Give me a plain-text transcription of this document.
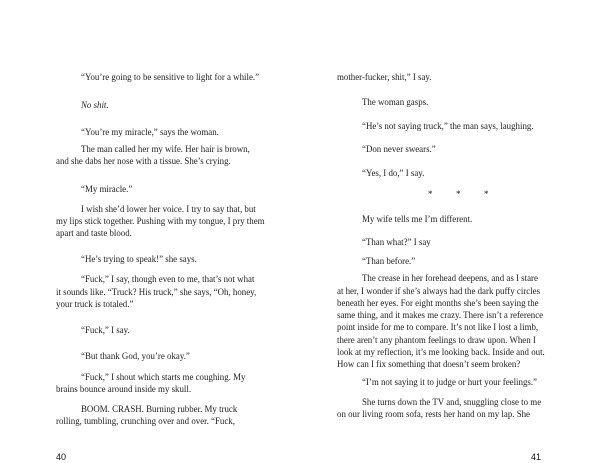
“You’re going to be sensitive to light for a while.”

No shit.

“You’re my miracle,” says the woman.

The man called her my wife. Her hair is brown,

and she dabs her nose with a tissue. She’s crying.

“My miracle.”

I wish she’d lower her voice. I try to say that, but

my lips stick together. Pushing with my tongue, I pry them

apart and taste blood.

“He’s trying to speak!” she says.

“Fuck,” I say, though even to me, that’s not what

it sounds like. “Truck? His truck,” she says, “Oh, honey,

your truck is totaled.”

“Fuck,” I say.

“But thank God, you’re okay.”

“Fuck,” I shout which starts me coughing. My

brains bounce around inside my skull.

BOOM. CRASH. Burning rubber. My truck

rolling, tumbling, crunching over and over. “Fuck,

40

mother-fucker, shit,” I say.

The woman gasps.

“He’s not saying truck,” the man says, laughing.

“Don never swears.”

“Yes, I do,” I say.

*	*	*

My wife tells me I’m different.

“Than what?” I say

“Than before.”

The crease in her forehead deepens, and as I stare

at her, I wonder if she’s always had the dark puffy circles

beneath her eyes. For eight months she’s been saying the

same thing, and it makes me crazy. There isn’t a reference

point inside for me to compare. It’s not like I lost a limb,

there aren’t any phantom feelings to draw upon. When I

look at my reflection, it’s me looking back. Inside and out.

How can I fix something that doesn’t seem broken?

“I’m not saying it to judge or hurt your feelings.”

She turns down the TV and, snuggling close to me

on our living room sofa, rests her hand on my lap. She

41
